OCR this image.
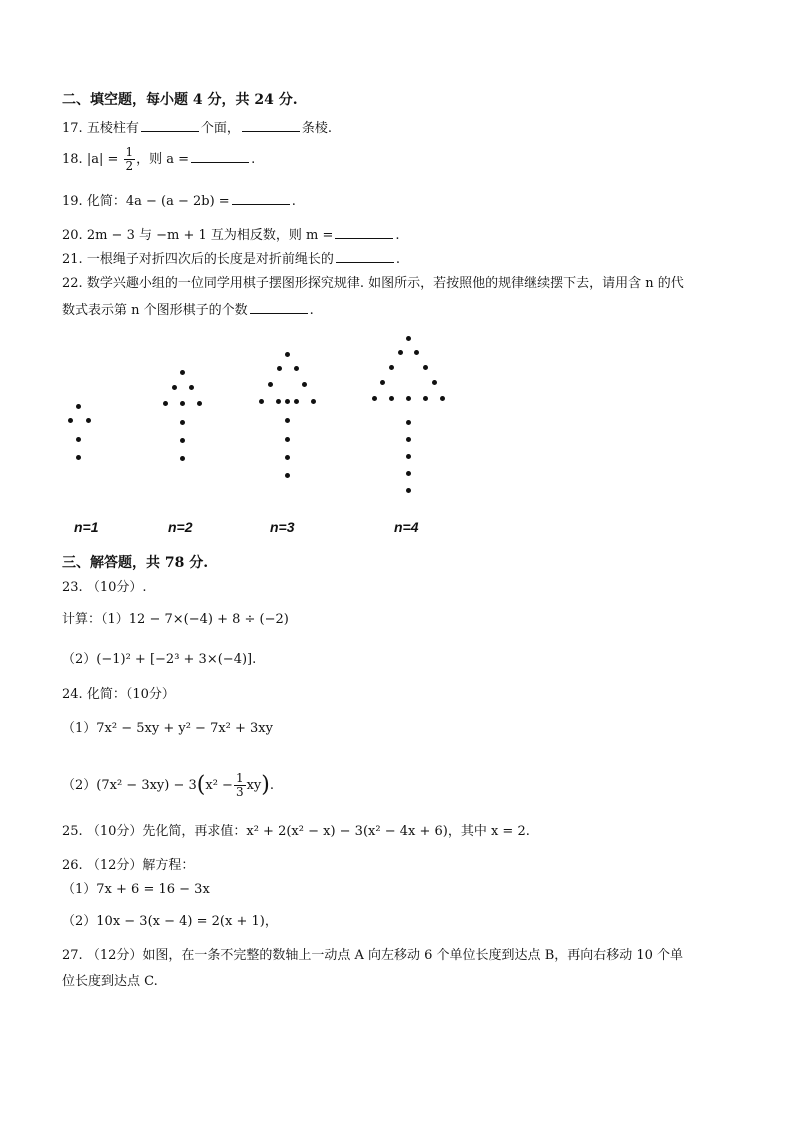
二、填空题，每小题 4 分，共 24 分.
17. 五棱柱有	个面，	条棱.
18. $|a| = \frac{1}{2}$ ，则 a =	.
19. 化简：4a − (a − 2b) =	.
20. 2m − 3 与 −m + 1 互为相反数，则 m =	.
21. 一根绳子对折四次后的长度是对折前绳长的	.
22. 数学兴趣小组的一位同学用棋子摆图形探究规律. 如图所示，若按照他的规律继续摆下去，请用含 n 的代
数式表示第 n 个图形棋子的个数	.
n=1	n=2	n=3	n=4
三、解答题，共 78 分.
23. （10分）.
计算：（1）12 − 7×(−4) + 8 ÷ (−2)
（2）(−1)² + [−2³ + 3×(−4)].
24. 化简：（10分）
（1）7x² − 5xy + y² − 7x² + 3xy
$(2)(7x^2 - 3xy) - 3(x^2 - \frac{1}{3} xy)$.
25. （10分）先化简，再求值：x² + 2(x² − x) − 3(x² − 4x + 6)，其中 x = 2.
26. （12分）解方程：
（1）7x + 6 = 16 − 3x
（2）10x − 3(x − 4) = 2(x + 1)，
27. （12分）如图，在一条不完整的数轴上一动点 A 向左移动 6 个单位长度到达点 B，再向右移动 10 个单
位长度到达点 C.
